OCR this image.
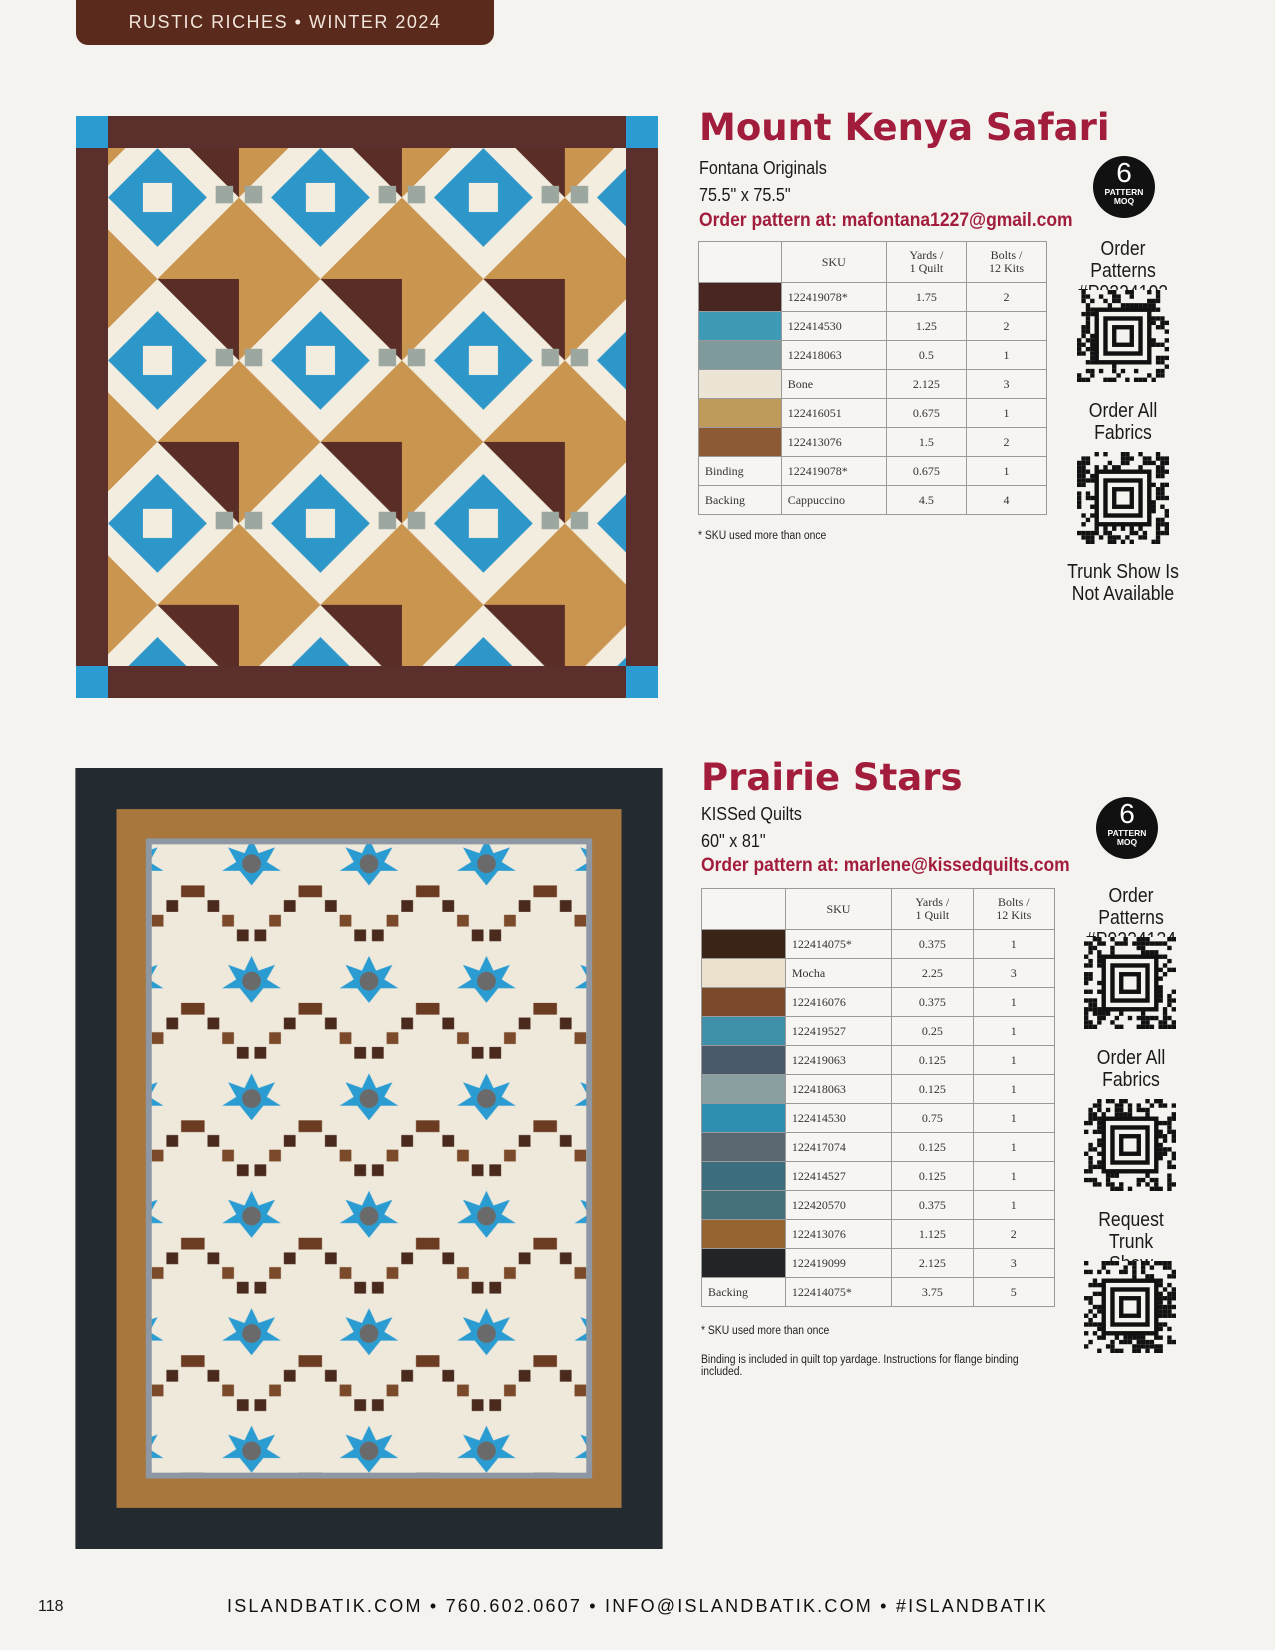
RUSTIC RICHES • WINTER 2024
Mount Kenya Safari
Fontana Originals
75.5" x 75.5"
Order pattern at: mafontana1227@gmail.com
6
PATTERN
MOQ
	SKU	Yards /
1 Quilt	Bolts /
12 Kits
	122419078*	1.75	2
	122414530	1.25	2
	122418063	0.5	1
	Bone	2.125	3
	122416051	0.675	1
	122413076	1.5	2
Binding	122419078*	0.675	1
Backing	Cappuccino	4.5	4
* SKU used more than once
Order Patterns
Order All
Fabrics
Trunk Show Is
Not Available
Prairie Stars
KISSed Quilts
60" x 81"
Order pattern at: marlene@kissedquilts.com
6
PATTERN
MOQ
	SKU	Yards /
1 Quilt	Bolts /
12 Kits
	122414075*	0.375	1
	Mocha	2.25	3
	122416076	0.375	1
	122419527	0.25	1
	122419063	0.125	1
	122418063	0.125	1
	122414530	0.75	1
	122417074	0.125	1
	122414527	0.125	1
	122420570	0.375	1
	122413076	1.125	2
	122419099	2.125	3
Backing	122414075*	3.75	5
* SKU used more than once
Binding is included in quilt top yardage. Instructions for flange binding included.
Order Patterns
Order All
Fabrics
Request Trunk
118	ISLANDBATIK.COM • 760.602.0607 • INFO@ISLANDBATIK.COM • #ISLANDBATIK
